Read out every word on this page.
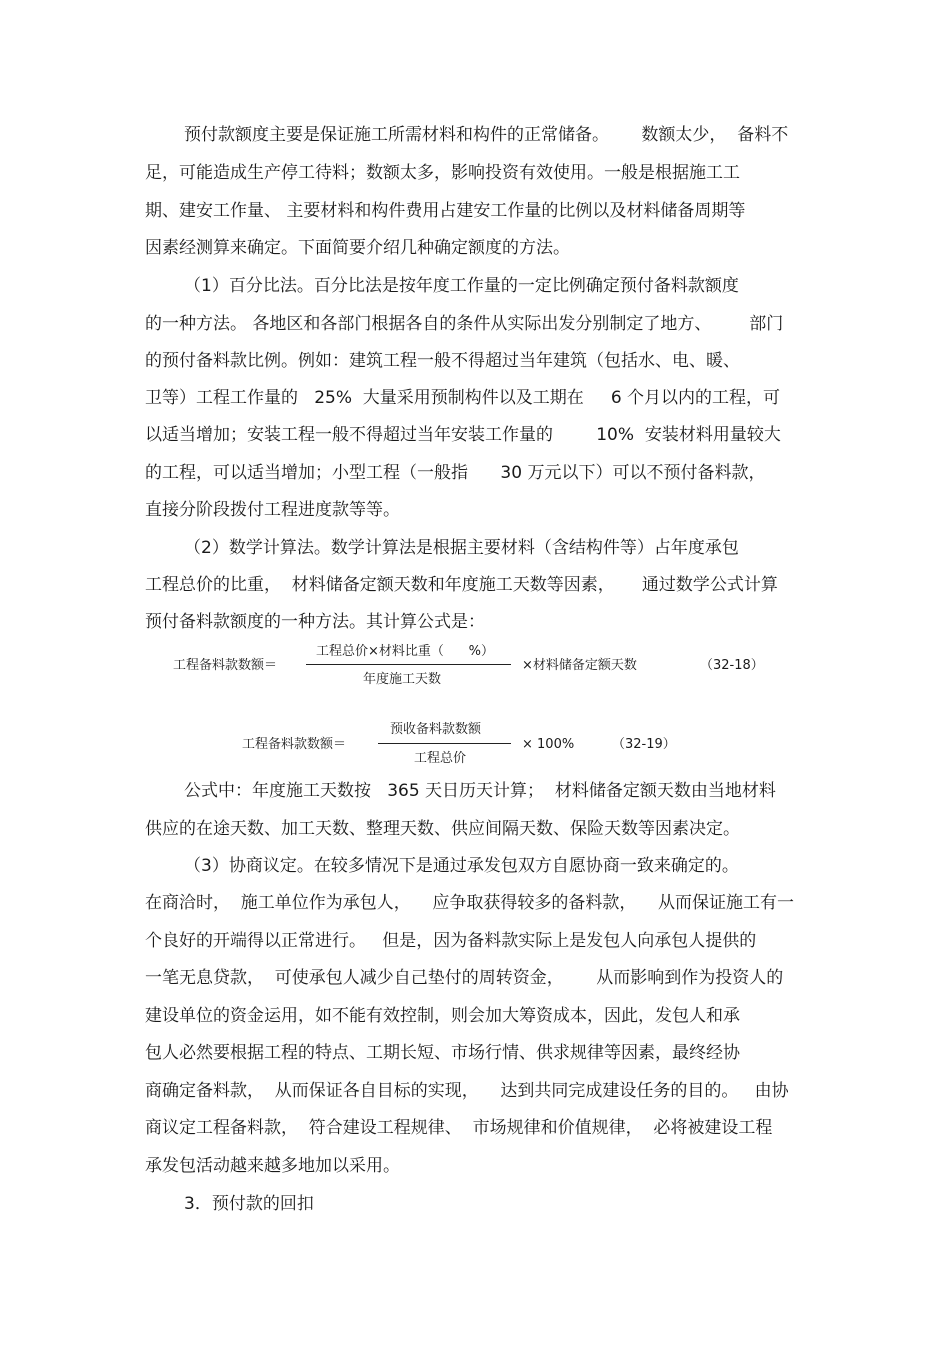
预付款额度主要是保证施工所需材料和构件的正常储备。      数额太少，  备料不
足，可能造成生产停工待料；数额太多，影响投资有效使用。一般是根据施工工
期、建安工作量、 主要材料和构件费用占建安工作量的比例以及材料储备周期等
因素经测算来确定。下面简要介绍几种确定额度的方法。
（1）百分比法。百分比法是按年度工作量的一定比例确定预付备料款额度
的一种方法。 各地区和各部门根据各自的条件从实际出发分别制定了地方、       部门
的预付备料款比例。例如：建筑工程一般不得超过当年建筑（包括水、电、暖、
卫等）工程工作量的   25%  大量采用预制构件以及工期在     6 个月以内的工程，可
以适当增加；安装工程一般不得超过当年安装工作量的        10%  安装材料用量较大
的工程，可以适当增加；小型工程（一般指      30 万元以下）可以不预付备料款，
直接分阶段拨付工程进度款等等。
（2）数学计算法。数学计算法是根据主要材料（含结构件等）占年度承包
工程总价的比重，  材料储备定额天数和年度施工天数等因素，     通过数学公式计算
预付备料款额度的一种方法。其计算公式是：
工程备料款数额＝
工程总价×材料比重（      %）
年度施工天数
×材料储备定额天数	（32-18）
工程备料款数额＝
预收备料款数额
工程总价
× 100%	（32-19）
公式中：年度施工天数按   365 天日历天计算；  材料储备定额天数由当地材料
供应的在途天数、加工天数、整理天数、供应间隔天数、保险天数等因素决定。
（3）协商议定。在较多情况下是通过承发包双方自愿协商一致来确定的。
在商洽时，  施工单位作为承包人，    应争取获得较多的备料款，    从而保证施工有一
个良好的开端得以正常进行。   但是，因为备料款实际上是发包人向承包人提供的
一笔无息贷款，  可使承包人减少自己垫付的周转资金，      从而影响到作为投资人的
建设单位的资金运用，如不能有效控制，则会加大筹资成本，因此，发包人和承
包人必然要根据工程的特点、工期长短、市场行情、供求规律等因素，最终经协
商确定备料款，  从而保证各自目标的实现，    达到共同完成建设任务的目的。   由协
商议定工程备料款，  符合建设工程规律、  市场规律和价值规律，  必将被建设工程
承发包活动越来越多地加以采用。
3．预付款的回扣
